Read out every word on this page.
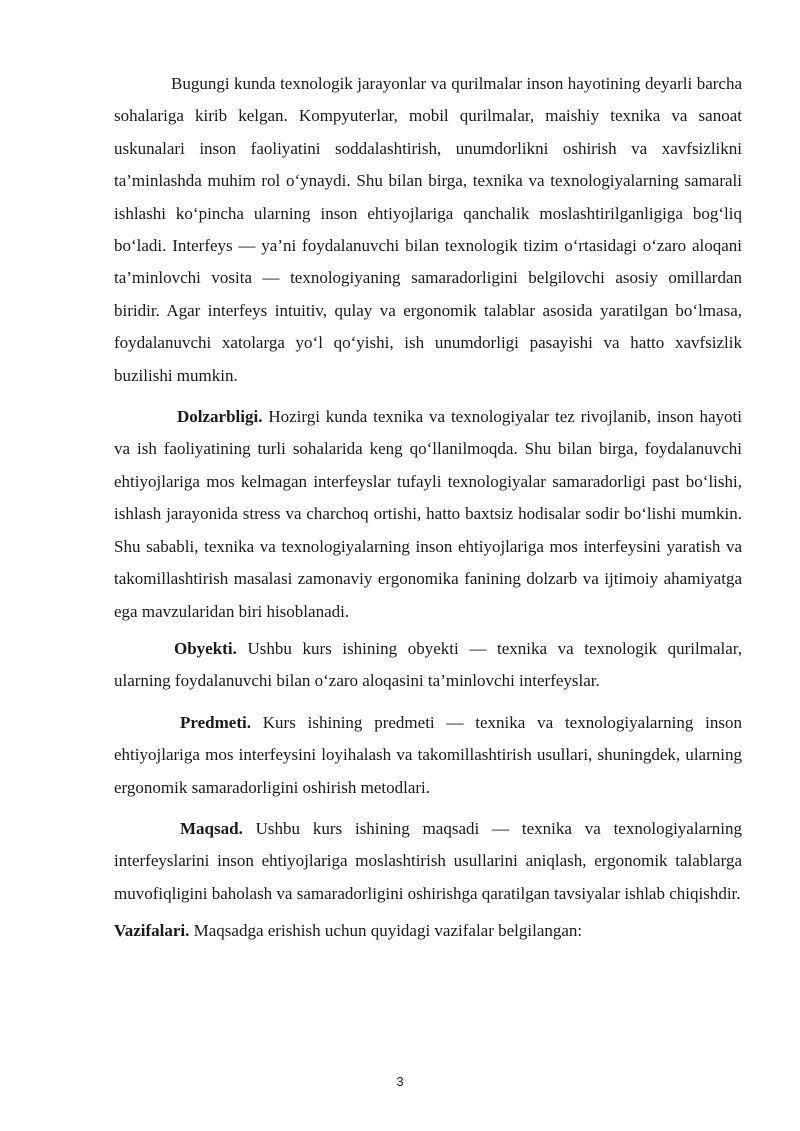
Bugungi kunda texnologik jarayonlar va qurilmalar inson hayotining deyarli barcha sohalariga kirib kelgan. Kompyuterlar, mobil qurilmalar, maishiy texnika va sanoat uskunalari inson faoliyatini soddalashtirish, unumdorlikni oshirish va xavfsizlikni ta’minlashda muhim rol o‘ynaydi. Shu bilan birga, texnika va texnologiyalarning samarali ishlashi ko‘pincha ularning inson ehtiyojlariga qanchalik moslashtirilganligiga bog‘liq bo‘ladi. Interfeys — ya’ni foydalanuvchi bilan texnologik tizim o‘rtasidagi o‘zaro aloqani ta’minlovchi vosita — texnologiyaning samaradorligini belgilovchi asosiy omillardan biridir. Agar interfeys intuitiv, qulay va ergonomik talablar asosida yaratilgan bo‘lmasa, foydalanuvchi xatolarga yo‘l qo‘yishi, ish unumdorligi pasayishi va hatto xavfsizlik buzilishi mumkin.

Dolzarbligi. Hozirgi kunda texnika va texnologiyalar tez rivojlanib, inson hayoti va ish faoliyatining turli sohalarida keng qo‘llanilmoqda. Shu bilan birga, foydalanuvchi ehtiyojlariga mos kelmagan interfeyslar tufayli texnologiyalar samaradorligi past bo‘lishi, ishlash jarayonida stress va charchoq ortishi, hatto baxtsiz hodisalar sodir bo‘lishi mumkin. Shu sababli, texnika va texnologiyalarning inson ehtiyojlariga mos interfeysini yaratish va takomillashtirish masalasi zamonaviy ergonomika fanining dolzarb va ijtimoiy ahamiyatga ega mavzularidan biri hisoblanadi.

Obyekti. Ushbu kurs ishining obyekti — texnika va texnologik qurilmalar, ularning foydalanuvchi bilan o‘zaro aloqasini ta’minlovchi interfeyslar.

Predmeti. Kurs ishining predmeti — texnika va texnologiyalarning inson ehtiyojlariga mos interfeysini loyihalash va takomillashtirish usullari, shuningdek, ularning ergonomik samaradorligini oshirish metodlari.

Maqsad. Ushbu kurs ishining maqsadi — texnika va texnologiyalarning interfeyslarini inson ehtiyojlariga moslashtirish usullarini aniqlash, ergonomik talablarga muvofiqligini baholash va samaradorligini oshirishga qaratilgan tavsiyalar ishlab chiqishdir.

Vazifalari. Maqsadga erishish uchun quyidagi vazifalar belgilangan:

3
